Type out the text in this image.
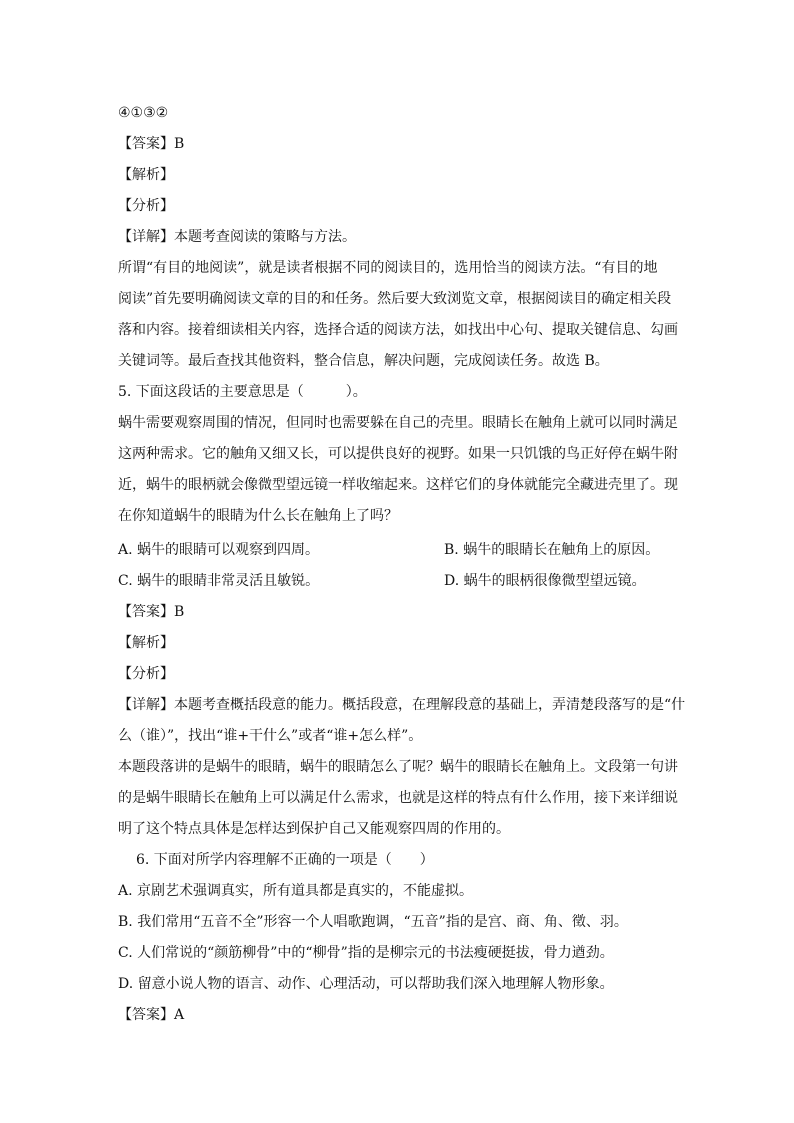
④①③②
【答案】B
【解析】
【分析】
【详解】本题考查阅读的策略与方法。
所谓“有目的地阅读”，就是读者根据不同的阅读目的，选用恰当的阅读方法。“有目的地
阅读”首先要明确阅读文章的目的和任务。然后要大致浏览文章，根据阅读目的确定相关段
落和内容。接着细读相关内容，选择合适的阅读方法，如找出中心句、提取关键信息、勾画
关键词等。最后查找其他资料，整合信息，解决问题，完成阅读任务。故选 B。
5. 下面这段话的主要意思是（　　　）。
蜗牛需要观察周围的情况，但同时也需要躲在自己的壳里。眼睛长在触角上就可以同时满足
这两种需求。它的触角又细又长，可以提供良好的视野。如果一只饥饿的鸟正好停在蜗牛附
近，蜗牛的眼柄就会像微型望远镜一样收缩起来。这样它们的身体就能完全藏进壳里了。现
在你知道蜗牛的眼睛为什么长在触角上了吗？
A. 蜗牛的眼睛可以观察到四周。	B. 蜗牛的眼睛长在触角上的原因。
C. 蜗牛的眼睛非常灵活且敏锐。	D. 蜗牛的眼柄很像微型望远镜。
【答案】B
【解析】
【分析】
【详解】本题考查概括段意的能力。概括段意，在理解段意的基础上，弄清楚段落写的是“什
么（谁）”，找出“谁+干什么”或者“谁+怎么样”。
本题段落讲的是蜗牛的眼睛，蜗牛的眼睛怎么了呢？蜗牛的眼睛长在触角上。文段第一句讲
的是蜗牛眼睛长在触角上可以满足什么需求，也就是这样的特点有什么作用，接下来详细说
明了这个特点具体是怎样达到保护自己又能观察四周的作用的。
6. 下面对所学内容理解不正确的一项是（　　）
A. 京剧艺术强调真实，所有道具都是真实的，不能虚拟。
B. 我们常用“五音不全”形容一个人唱歌跑调，“五音”指的是宫、商、角、徵、羽。
C. 人们常说的“颜筋柳骨”中的“柳骨”指的是柳宗元的书法瘦硬挺拔，骨力遒劲。
D. 留意小说人物的语言、动作、心理活动，可以帮助我们深入地理解人物形象。
【答案】A
